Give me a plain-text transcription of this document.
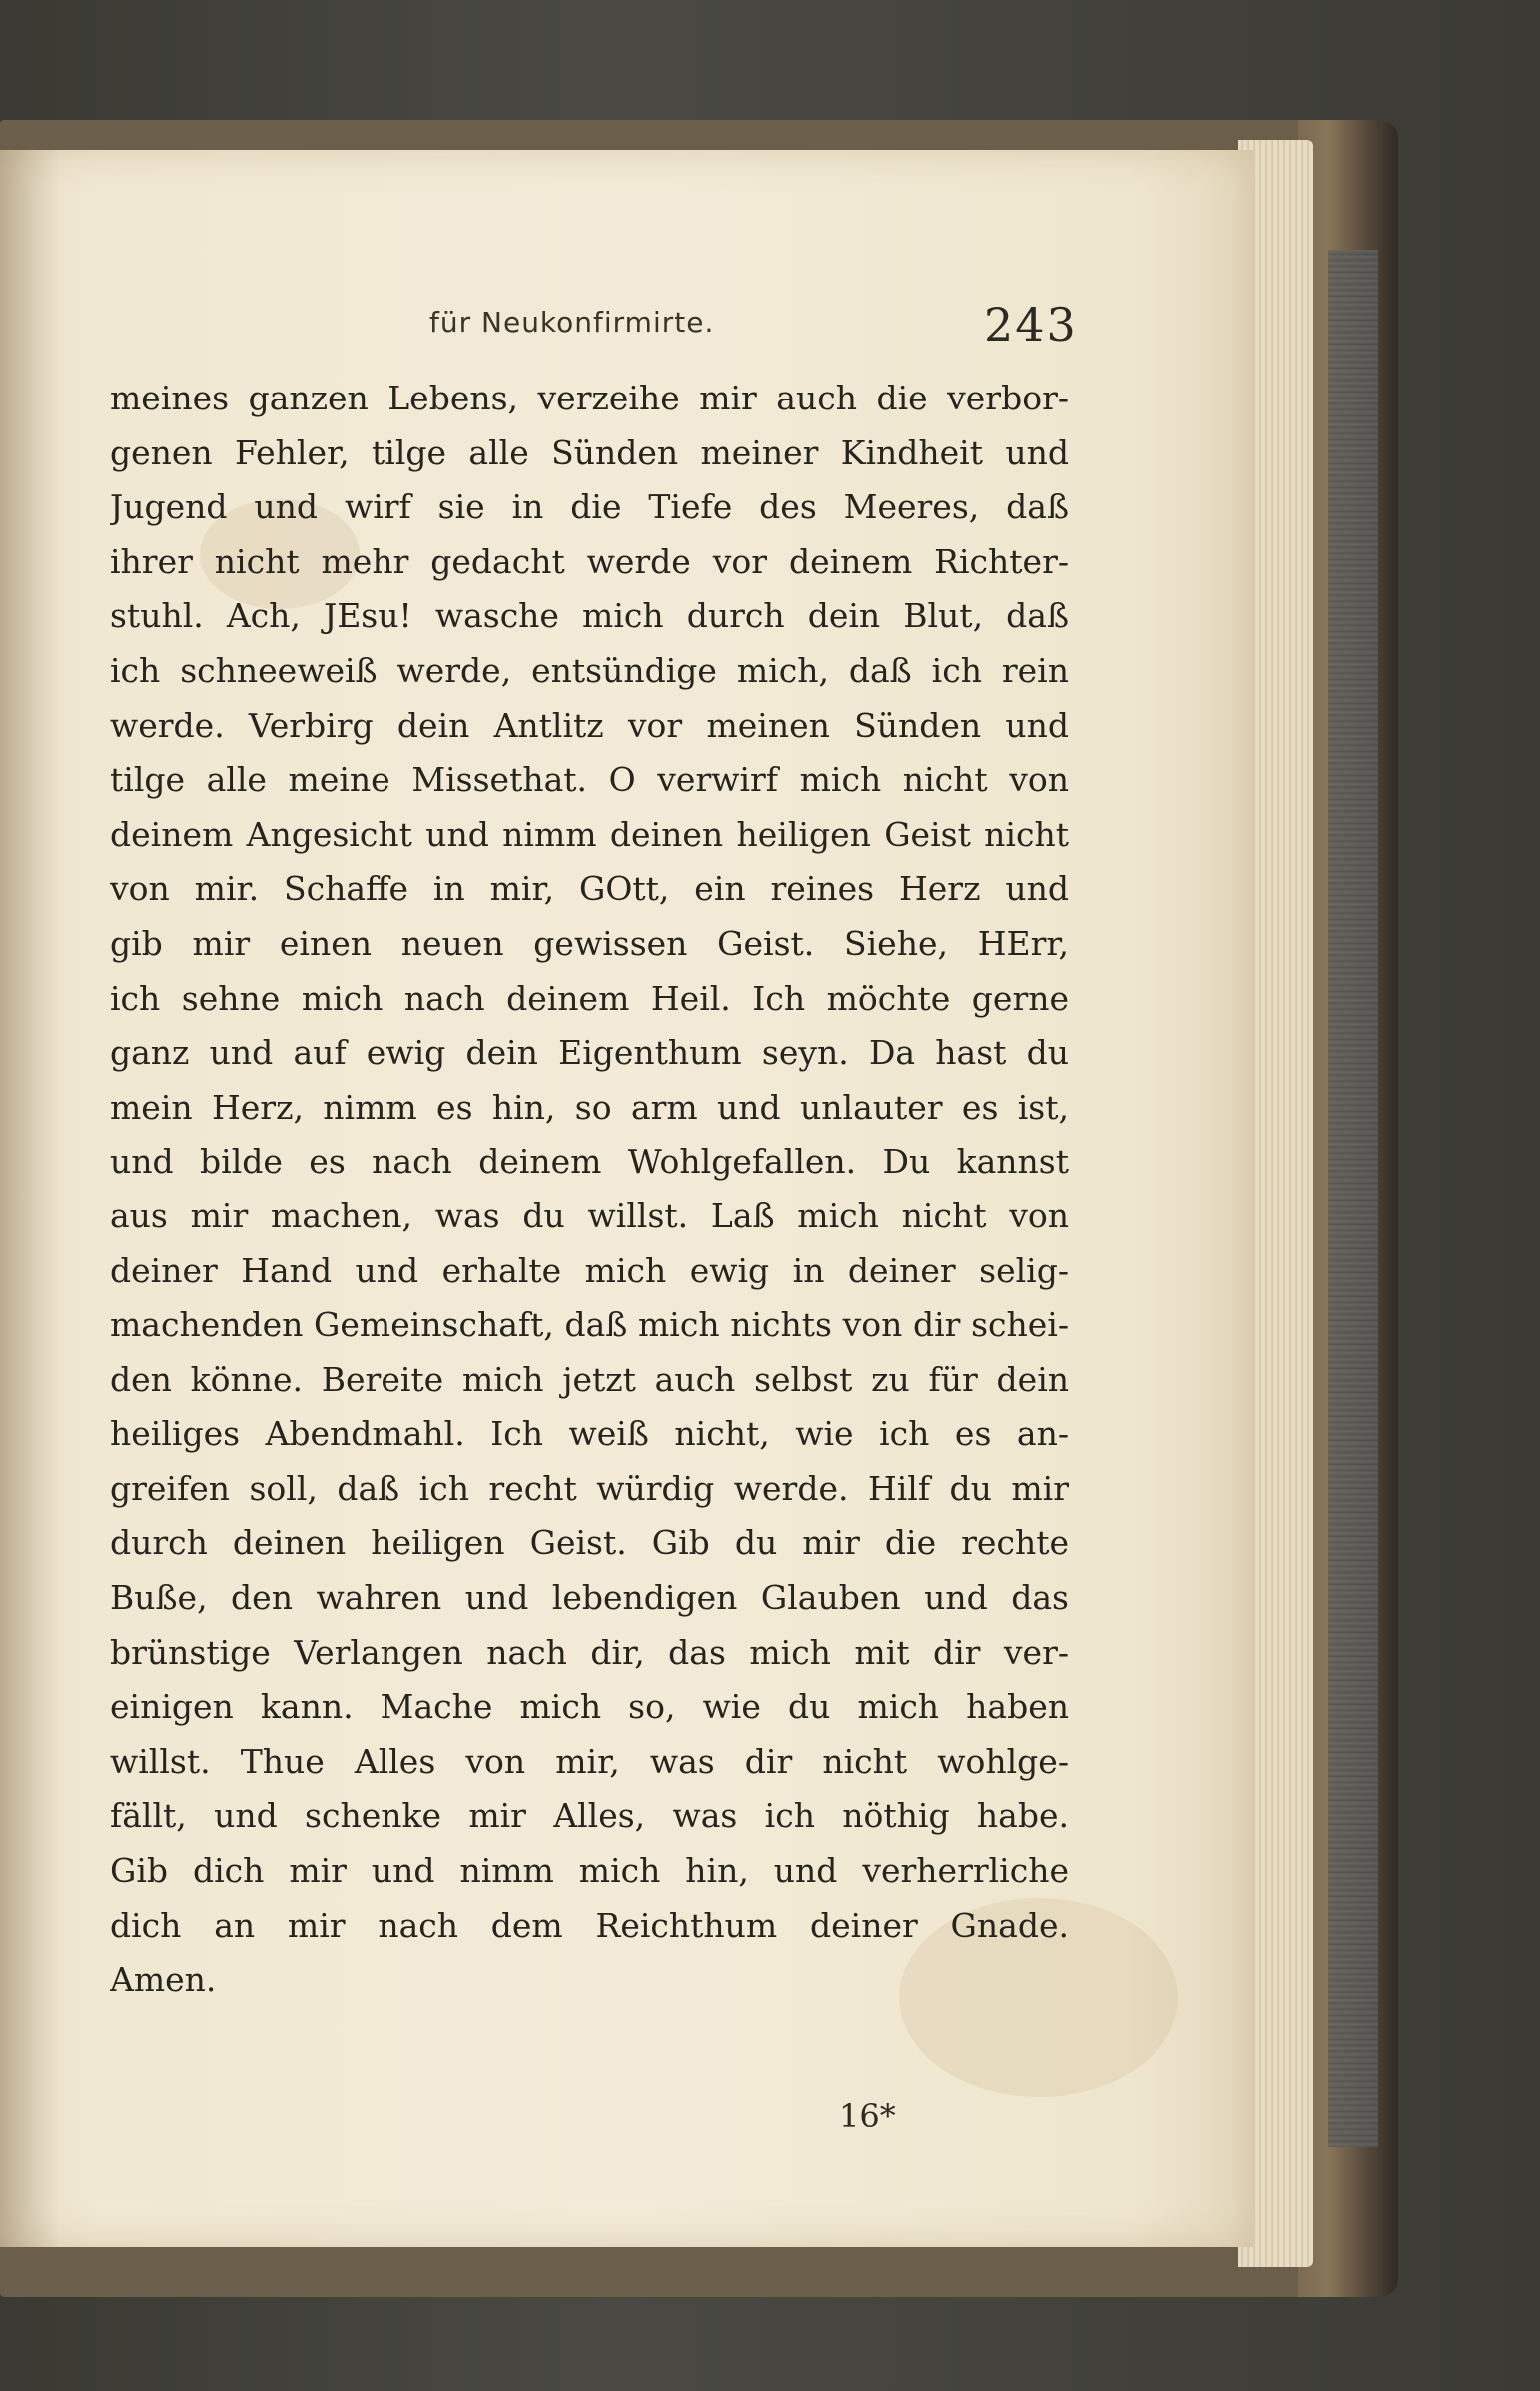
für Neukonfirmirte.	243
meines ganzen Lebens, verzeihe mir auch die verbor-
genen Fehler, tilge alle Sünden meiner Kindheit und
Jugend und wirf sie in die Tiefe des Meeres, daß
ihrer nicht mehr gedacht werde vor deinem Richter-
stuhl. Ach, JEsu! wasche mich durch dein Blut, daß
ich schneeweiß werde, entsündige mich, daß ich rein
werde. Verbirg dein Antlitz vor meinen Sünden und
tilge alle meine Missethat. O verwirf mich nicht von
deinem Angesicht und nimm deinen heiligen Geist nicht
von mir. Schaffe in mir, GOtt, ein reines Herz und
gib mir einen neuen gewissen Geist. Siehe, HErr,
ich sehne mich nach deinem Heil. Ich möchte gerne
ganz und auf ewig dein Eigenthum seyn. Da hast du
mein Herz, nimm es hin, so arm und unlauter es ist,
und bilde es nach deinem Wohlgefallen. Du kannst
aus mir machen, was du willst. Laß mich nicht von
deiner Hand und erhalte mich ewig in deiner selig-
machenden Gemeinschaft, daß mich nichts von dir schei-
den könne. Bereite mich jetzt auch selbst zu für dein
heiliges Abendmahl. Ich weiß nicht, wie ich es an-
greifen soll, daß ich recht würdig werde. Hilf du mir
durch deinen heiligen Geist. Gib du mir die rechte
Buße, den wahren und lebendigen Glauben und das
brünstige Verlangen nach dir, das mich mit dir ver-
einigen kann. Mache mich so, wie du mich haben
willst. Thue Alles von mir, was dir nicht wohlge-
fällt, und schenke mir Alles, was ich nöthig habe.
Gib dich mir und nimm mich hin, und verherrliche
dich an mir nach dem Reichthum deiner Gnade.
Amen.
16*
